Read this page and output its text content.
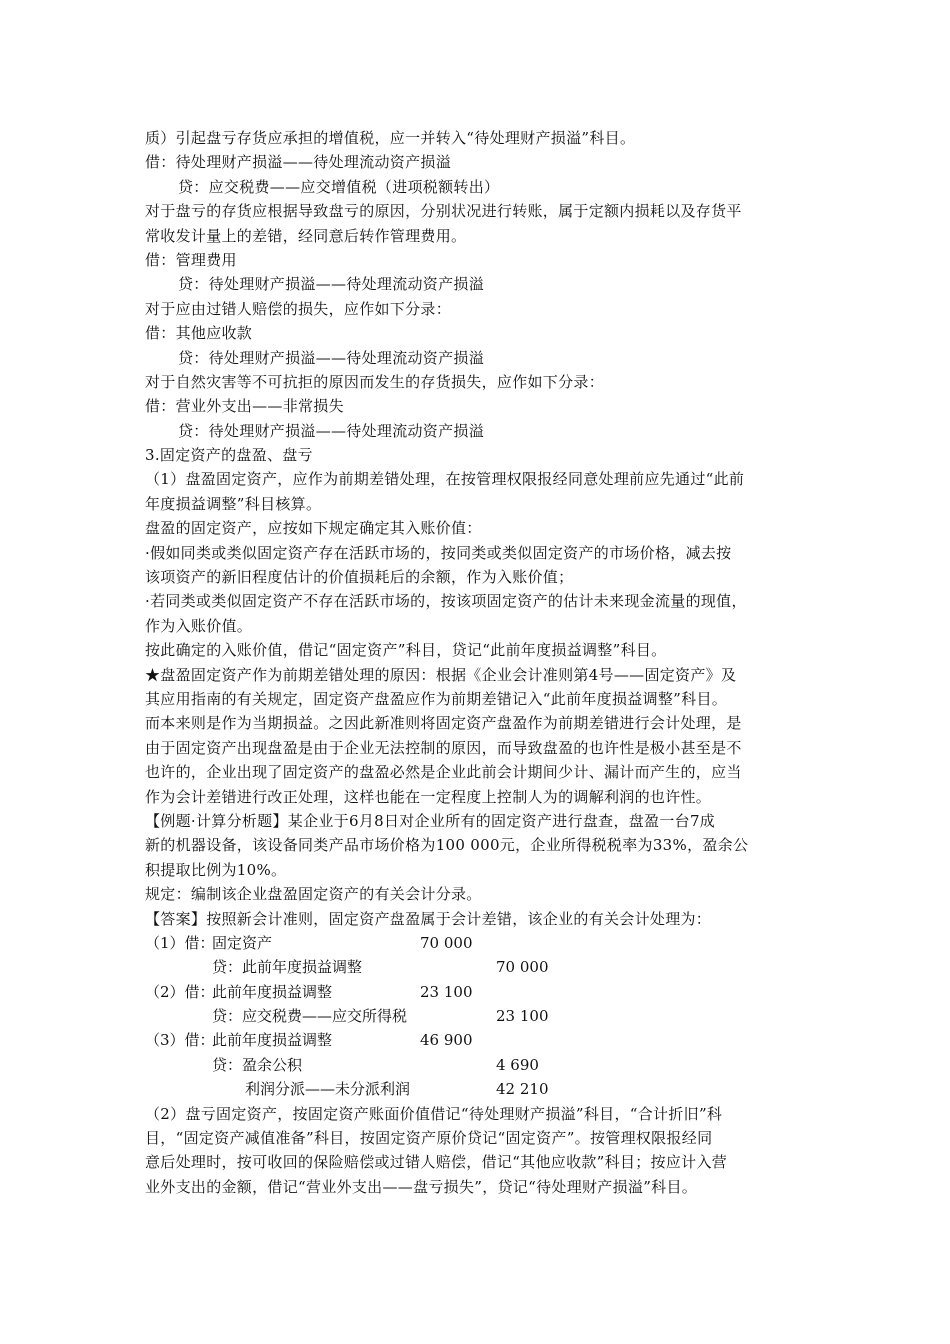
质）引起盘亏存货应承担的增值税，应一并转入“待处理财产损溢”科目。
借：待处理财产损溢——待处理流动资产损溢
贷：应交税费——应交增值税（进项税额转出）
对于盘亏的存货应根据导致盘亏的原因，分别状况进行转账，属于定额内损耗以及存货平
常收发计量上的差错，经同意后转作管理费用。
借：管理费用
贷：待处理财产损溢——待处理流动资产损溢
对于应由过错人赔偿的损失，应作如下分录：
借：其他应收款
贷：待处理财产损溢——待处理流动资产损溢
对于自然灾害等不可抗拒的原因而发生的存货损失，应作如下分录：
借：营业外支出——非常损失
贷：待处理财产损溢——待处理流动资产损溢
3.固定资产的盘盈、盘亏
（1）盘盈固定资产，应作为前期差错处理，在按管理权限报经同意处理前应先通过“此前
年度损益调整”科目核算。
盘盈的固定资产，应按如下规定确定其入账价值：
·假如同类或类似固定资产存在活跃市场的，按同类或类似固定资产的市场价格，减去按
该项资产的新旧程度估计的价值损耗后的余额，作为入账价值；
·若同类或类似固定资产不存在活跃市场的，按该项固定资产的估计未来现金流量的现值，
作为入账价值。
按此确定的入账价值，借记“固定资产”科目，贷记“此前年度损益调整”科目。
★盘盈固定资产作为前期差错处理的原因：根据《企业会计准则第4号——固定资产》及
其应用指南的有关规定，固定资产盘盈应作为前期差错记入“此前年度损益调整”科目。
而本来则是作为当期损益。之因此新准则将固定资产盘盈作为前期差错进行会计处理，是
由于固定资产出现盘盈是由于企业无法控制的原因，而导致盘盈的也许性是极小甚至是不
也许的，企业出现了固定资产的盘盈必然是企业此前会计期间少计、漏计而产生的，应当
作为会计差错进行改正处理，这样也能在一定程度上控制人为的调解利润的也许性。
【例题·计算分析题】某企业于6月8日对企业所有的固定资产进行盘查，盘盈一台7成
新的机器设备，该设备同类产品市场价格为100 000元，企业所得税税率为33%，盈余公
积提取比例为10%。
规定：编制该企业盘盈固定资产的有关会计分录。
【答案】按照新会计准则，固定资产盘盈属于会计差错，该企业的有关会计处理为：
（1）借：
固定资产	70 000
贷：此前年度损益调整	70 000
（2）借：
此前年度损益调整	23 100
贷：应交税费——应交所得税	23 100
（3）借：
此前年度损益调整	46 900
贷：盈余公积	4 690
利润分派——未分派利润	42 210
（2）盘亏固定资产，按固定资产账面价值借记“待处理财产损溢”科目，“合计折旧”科
目，“固定资产减值准备”科目，按固定资产原价贷记“固定资产”。按管理权限报经同
意后处理时，按可收回的保险赔偿或过错人赔偿，借记“其他应收款”科目；按应计入营
业外支出的金额，借记“营业外支出——盘亏损失”，贷记“待处理财产损溢”科目。
